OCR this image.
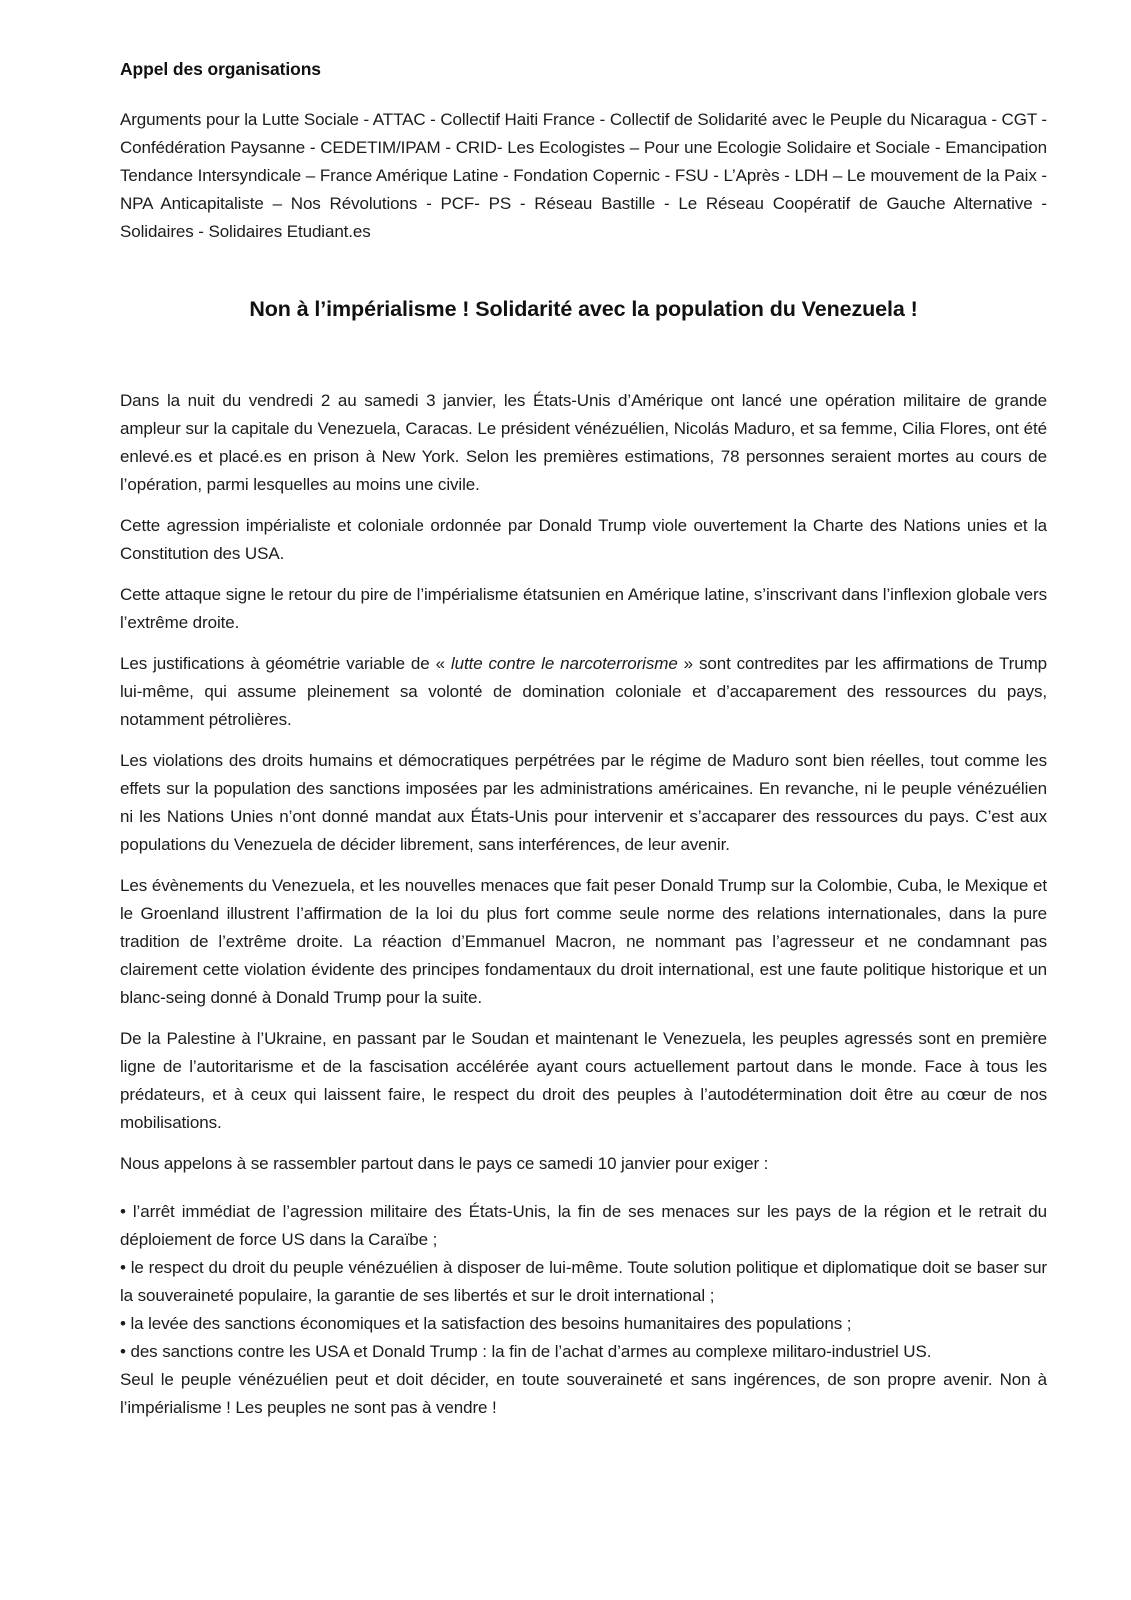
Appel des organisations

Arguments pour la Lutte Sociale - ATTAC - Collectif Haiti France - Collectif de Solidarité avec le Peuple du Nicaragua - CGT - Confédération Paysanne - CEDETIM/IPAM - CRID- Les Ecologistes – Pour une Ecologie Solidaire et Sociale - Emancipation Tendance Intersyndicale – France Amérique Latine - Fondation Copernic - FSU - L’Après - LDH – Le mouvement de la Paix - NPA Anticapitaliste – Nos Révolutions - PCF- PS - Réseau Bastille - Le Réseau Coopératif de Gauche Alternative - Solidaires - Solidaires Etudiant.es

Non à l’impérialisme ! Solidarité avec la population du Venezuela !

Dans la nuit du vendredi 2 au samedi 3 janvier, les États-Unis d’Amérique ont lancé une opération militaire de grande ampleur sur la capitale du Venezuela, Caracas. Le président vénézuélien, Nicolás Maduro, et sa femme, Cilia Flores, ont été enlevé.es et placé.es en prison à New York. Selon les premières estimations, 78 personnes seraient mortes au cours de l’opération, parmi lesquelles au moins une civile.

Cette agression impérialiste et coloniale ordonnée par Donald Trump viole ouvertement la Charte des Nations unies et la Constitution des USA.

Cette attaque signe le retour du pire de l’impérialisme étatsunien en Amérique latine, s’inscrivant dans l’inflexion globale vers l’extrême droite.

Les justifications à géométrie variable de « lutte contre le narcoterrorisme » sont contredites par les affirmations de Trump lui-même, qui assume pleinement sa volonté de domination coloniale et d’accaparement des ressources du pays, notamment pétrolières.

Les violations des droits humains et démocratiques perpétrées par le régime de Maduro sont bien réelles, tout comme les effets sur la population des sanctions imposées par les administrations américaines. En revanche, ni le peuple vénézuélien ni les Nations Unies n’ont donné mandat aux États-Unis pour intervenir et s’accaparer des ressources du pays. C’est aux populations du Venezuela de décider librement, sans interférences, de leur avenir.

Les évènements du Venezuela, et les nouvelles menaces que fait peser Donald Trump sur la Colombie, Cuba, le Mexique et le Groenland illustrent l’affirmation de la loi du plus fort comme seule norme des relations internationales, dans la pure tradition de l’extrême droite. La réaction d’Emmanuel Macron, ne nommant pas l’agresseur et ne condamnant pas clairement cette violation évidente des principes fondamentaux du droit international, est une faute politique historique et un blanc-seing donné à Donald Trump pour la suite.

De la Palestine à l’Ukraine, en passant par le Soudan et maintenant le Venezuela, les peuples agressés sont en première ligne de l’autoritarisme et de la fascisation accélérée ayant cours actuellement partout dans le monde. Face à tous les prédateurs, et à ceux qui laissent faire, le respect du droit des peuples à l’autodétermination doit être au cœur de nos mobilisations.

Nous appelons à se rassembler partout dans le pays ce samedi 10 janvier pour exiger :

• l’arrêt immédiat de l’agression militaire des États-Unis, la fin de ses menaces sur les pays de la région et le retrait du déploiement de force US dans la Caraïbe ;

• le respect du droit du peuple vénézuélien à disposer de lui-même. Toute solution politique et diplomatique doit se baser sur la souveraineté populaire, la garantie de ses libertés et sur le droit international ;

• la levée des sanctions économiques et la satisfaction des besoins humanitaires des populations ;

• des sanctions contre les USA et Donald Trump : la fin de l’achat d’armes au complexe militaro-industriel US.

Seul le peuple vénézuélien peut et doit décider, en toute souveraineté et sans ingérences, de son propre avenir. Non à l’impérialisme ! Les peuples ne sont pas à vendre !
